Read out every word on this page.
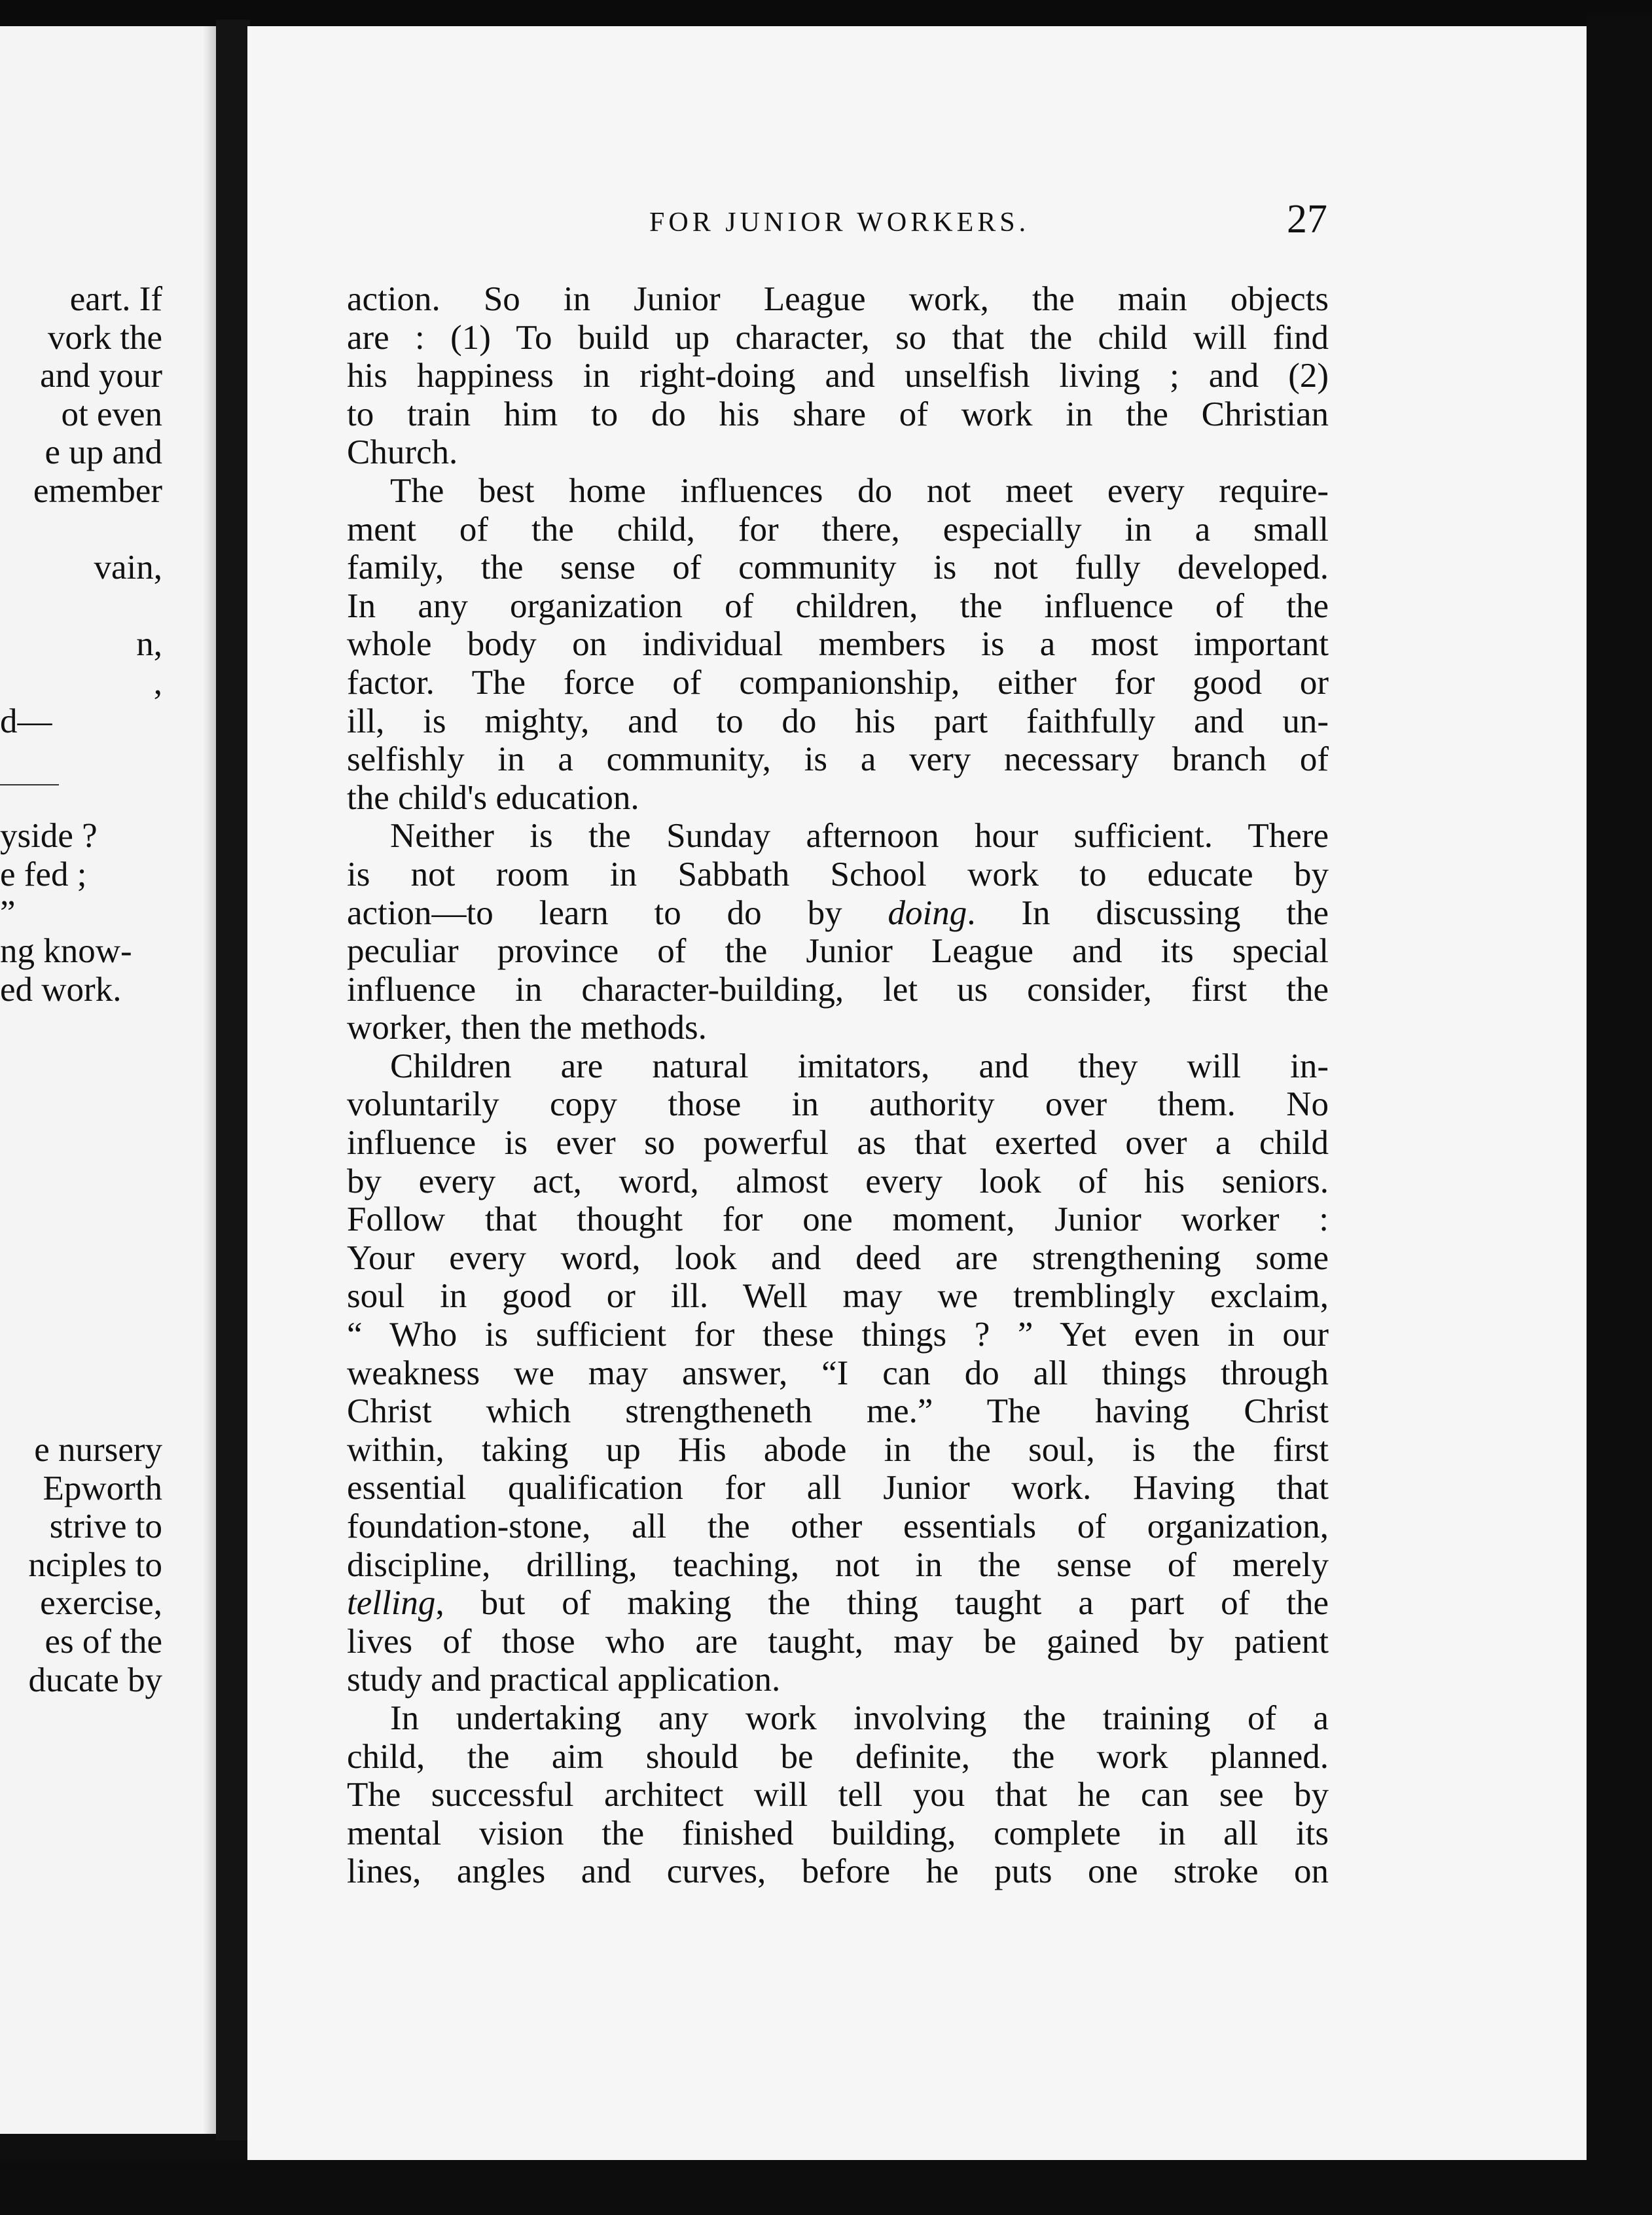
eart. If
vork the
and your
ot even
e up and
emember
vain,
n,
,
d—
yside ?
e fed ;
”
ng know-
ed work.
e nursery
Epworth
strive to
nciples to
exercise,
es of the
ducate by
FOR JUNIOR WORKERS.	27
action. So in Junior League work, the main objects
are : (1) To build up character, so that the child will find
his happiness in right-doing and unselfish living ; and (2)
to train him to do his share of work in the Christian
Church.
The best home influences do not meet every require-
ment of the child, for there, especially in a small
family, the sense of community is not fully developed.
In any organization of children, the influence of the
whole body on individual members is a most important
factor. The force of companionship, either for good or
ill, is mighty, and to do his part faithfully and un-
selfishly in a community, is a very necessary branch of
the child's education.
Neither is the Sunday afternoon hour sufficient. There
is not room in Sabbath School work to educate by
action—to learn to do by doing. In discussing the
peculiar province of the Junior League and its special
influence in character-building, let us consider, first the
worker, then the methods.
Children are natural imitators, and they will in-
voluntarily copy those in authority over them. No
influence is ever so powerful as that exerted over a child
by every act, word, almost every look of his seniors.
Follow that thought for one moment, Junior worker :
Your every word, look and deed are strengthening some
soul in good or ill. Well may we tremblingly exclaim,
“ Who is sufficient for these things ? ” Yet even in our
weakness we may answer, “I can do all things through
Christ which strengtheneth me.” The having Christ
within, taking up His abode in the soul, is the first
essential qualification for all Junior work. Having that
foundation-stone, all the other essentials of organization,
discipline, drilling, teaching, not in the sense of merely
telling, but of making the thing taught a part of the
lives of those who are taught, may be gained by patient
study and practical application.
In undertaking any work involving the training of a
child, the aim should be definite, the work planned.
The successful architect will tell you that he can see by
mental vision the finished building, complete in all its
lines, angles and curves, before he puts one stroke on
